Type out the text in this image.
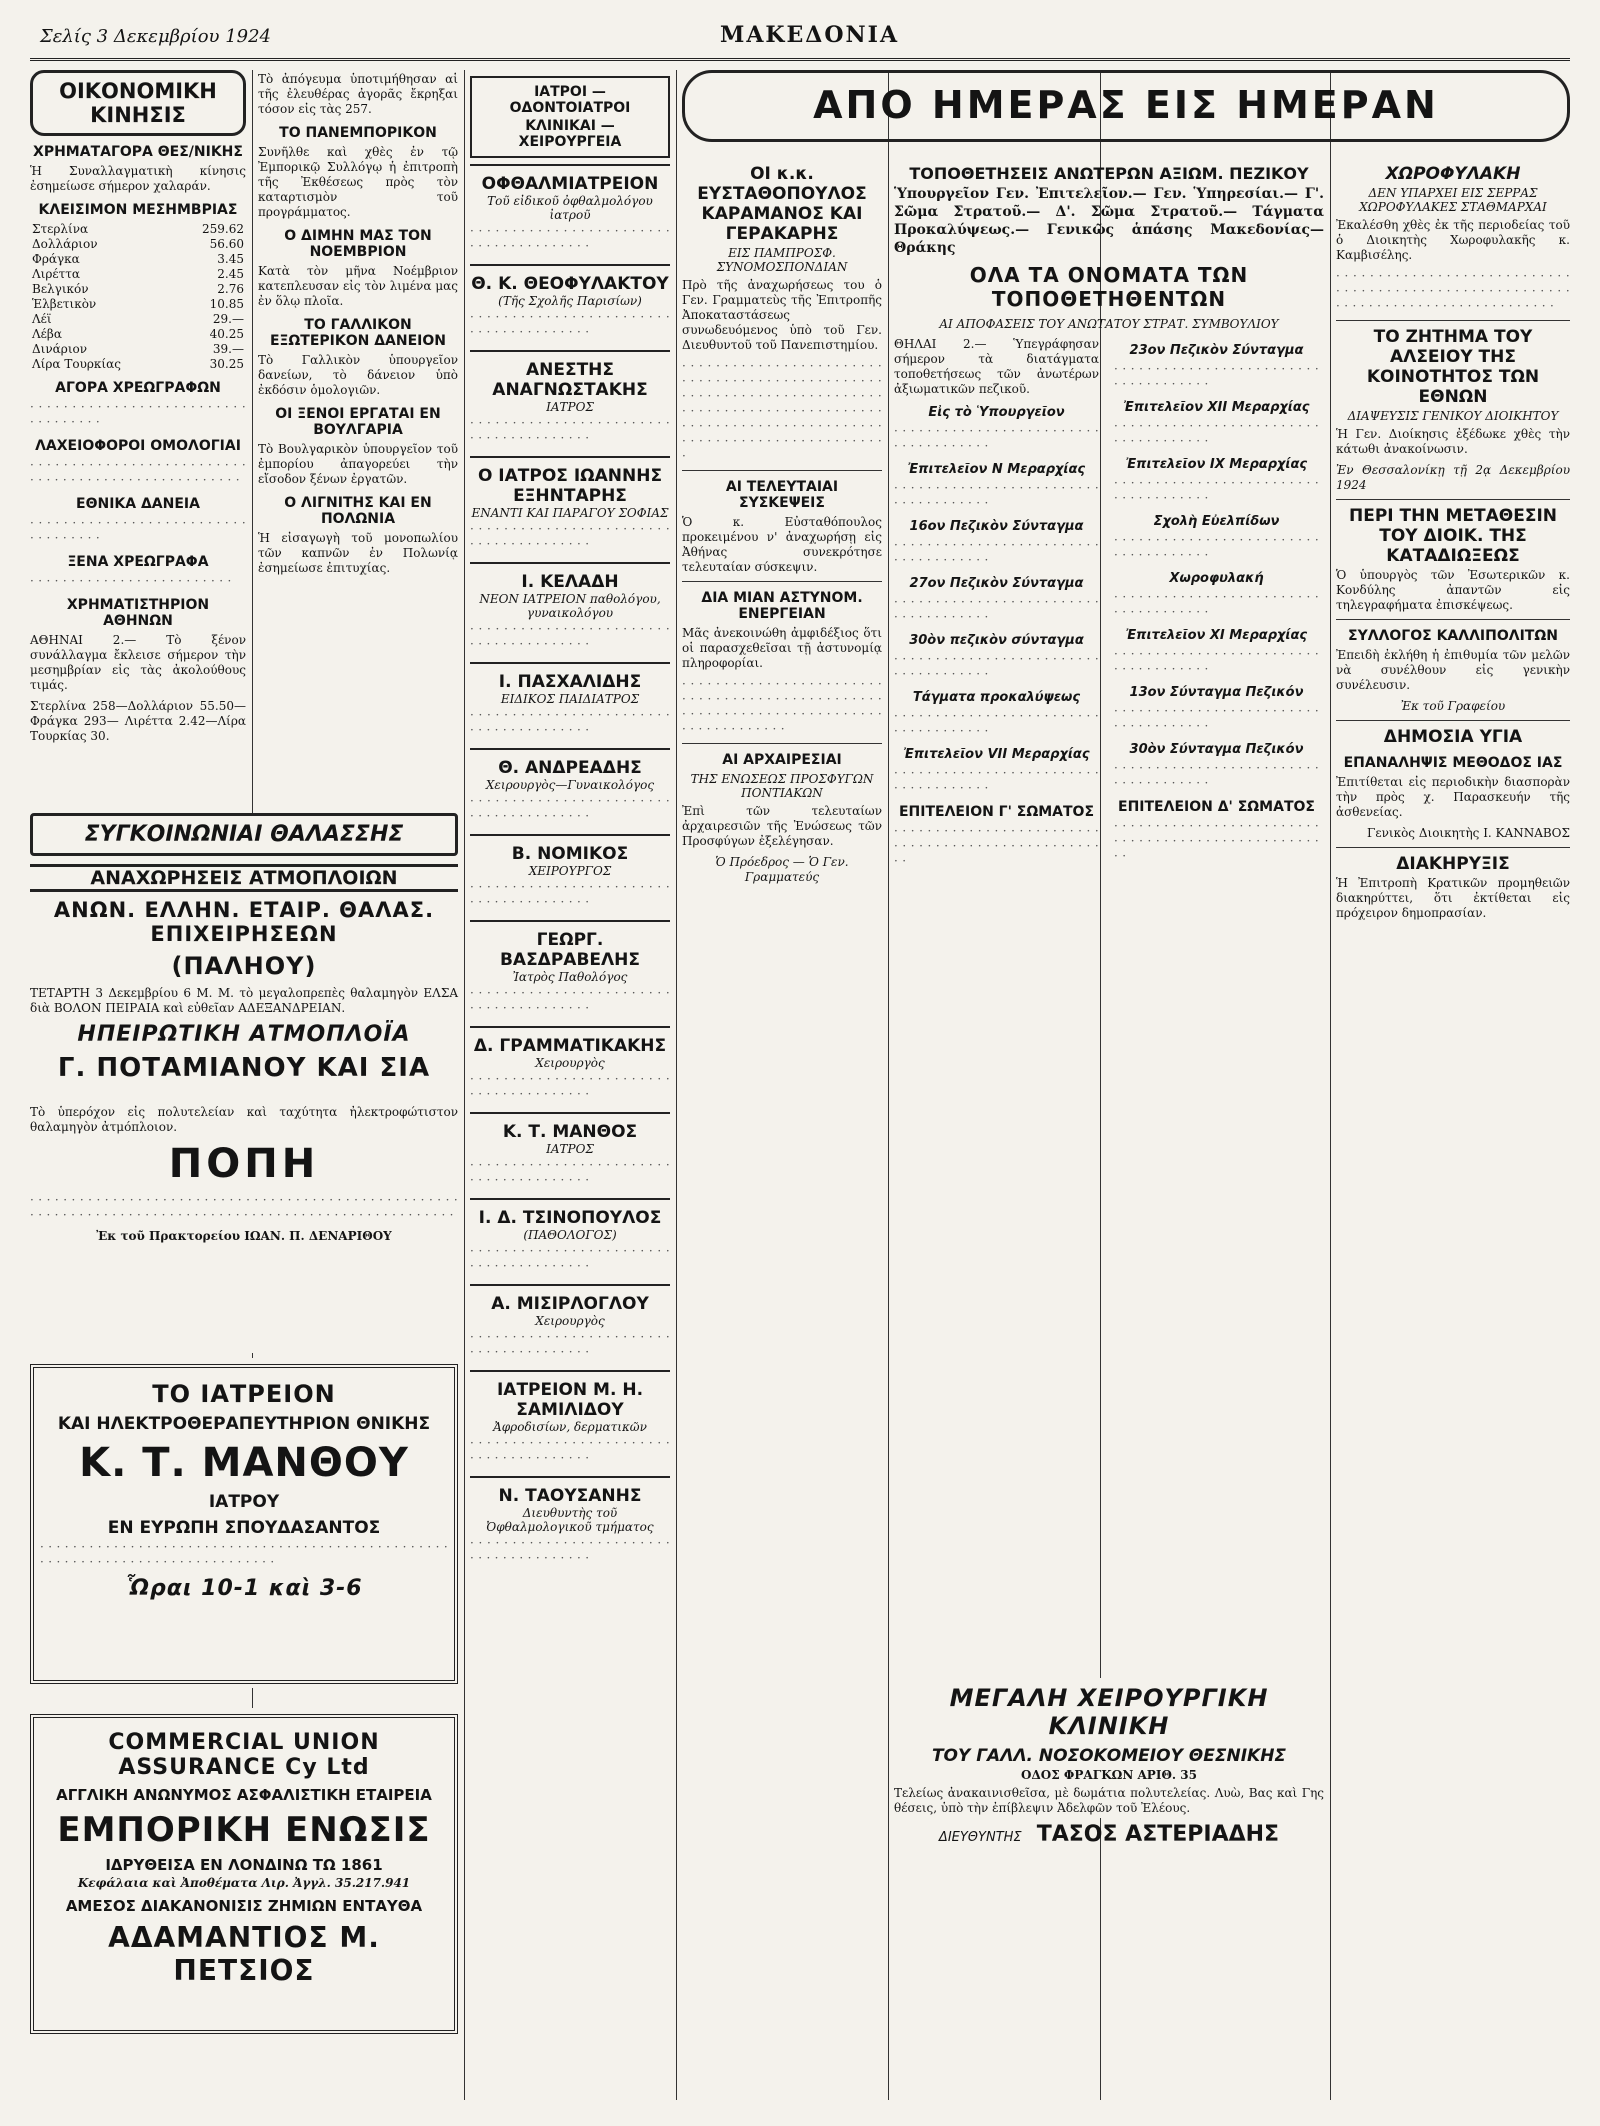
Σελίς 3 Δεκεμβρίου 1924	ΜΑΚΕΔΟΝΙΑ
ΟΙΚΟΝΟΜΙΚΗ ΚΙΝΗΣΙΣ
ΧΡΗΜΑΤΑΓΟΡΑ ΘΕΣ/ΝΙΚΗΣ
Ἡ Συναλλαγματικὴ κίνησις ἐσημείωσε σήμερον χαλαράν.
ΚΛΕΙΣΙΜΟΝ ΜΕΣΗΜΒΡΙΑΣ
Στερλίνα	259.62
Δολλάριον	56.60
Φράγκα	3.45
Λιρέττα	2.45
Βελγικόν	2.76
Ἑλβετικὸν	10.85
Λέϊ	29.—
Λέβα	40.25
Δινάριον	39.—
Λίρα Τουρκίας	30.25
ΑΓΟΡΑ ΧΡΕΩΓΡΑΦΩΝ
· · · · · · · · · · · · · · · · · · · · · · · · · · · · · · · · · · ·
ΛΑΧΕΙΟΦΟΡΟΙ ΟΜΟΛΟΓΙΑΙ
· · · · · · · · · · · · · · · · · · · · · · · · · · · · · · · · · · · · · · · · · · · · · · · · · · · ·
ΕΘΝΙΚΑ ΔΑΝΕΙΑ
· · · · · · · · · · · · · · · · · · · · · · · · · · · · · · · · · · ·
ΞΕΝΑ ΧΡΕΩΓΡΑΦΑ
· · · · · · · · · · · · · · · · · · · · · · · · ·
ΧΡΗΜΑΤΙΣΤΗΡΙΟΝ ΑΘΗΝΩΝ
ΑΘΗΝΑΙ 2.— Τὸ ξένον συνάλλαγμα ἔκλεισε σήμερον τὴν μεσημβρίαν εἰς τὰς ἀκολούθους τιμάς.
Στερλίνα 258—Δολλάριον 55.50—Φράγκα 293— Λιρέττα 2.42—Λίρα Τουρκίας 30.
Τὸ ἀπόγευμα ὑποτιμήθησαν αἱ τῆς ἐλευθέρας ἀγορᾶς ἔκρηξαι τόσον εἰς τὰς 257.
ΤΟ ΠΑΝΕΜΠΟΡΙΚΟΝ
Συνῆλθε καὶ χθὲς ἐν τῷ Ἐμπορικῷ Συλλόγῳ ἡ ἐπιτροπὴ τῆς Ἐκθέσεως πρὸς τὸν καταρτισμὸν τοῦ προγράμματος.
Ο ΔΙΜΗΝ ΜΑΣ ΤΟΝ ΝΟΕΜΒΡΙΟΝ
Κατὰ τὸν μῆνα Νοέμβριον κατεπλευσαν εἰς τὸν λιμένα μας ἐν ὅλῳ πλοῖα.
ΤΟ ΓΑΛΛΙΚΟΝ ΕΞΩΤΕΡΙΚΟΝ ΔΑΝΕΙΟΝ
Τὸ Γαλλικὸν ὑπουργεῖον δανείων, τὸ δάνειον ὑπὸ ἐκδόσιν ὁμολογιῶν.
ΟΙ ΞΕΝΟΙ ΕΡΓΑΤΑΙ ΕΝ ΒΟΥΛΓΑΡΙΑ
Τὸ Βουλγαρικὸν ὑπουργεῖον τοῦ ἐμπορίου ἀπαγορεύει τὴν εἴσοδον ξένων ἐργατῶν.
Ο ΛΙΓΝΙΤΗΣ ΚΑΙ ΕΝ ΠΟΛΩΝΙΑ
Ἡ εἰσαγωγὴ τοῦ μονοπωλίου τῶν καπνῶν ἐν Πολωνίᾳ ἐσημείωσε ἐπιτυχίας.
ΣΥΓΚΟΙΝΩΝΙΑΙ ΘΑΛΑΣΣΗΣ
ΑΝΑΧΩΡΗΣΕΙΣ ΑΤΜΟΠΛΟΙΩΝ
ΑΝΩΝ. ΕΛΛΗΝ. ΕΤΑΙΡ. ΘΑΛΑΣ. ΕΠΙΧΕΙΡΗΣΕΩΝ
(ΠΑΛΗΟΥ)
ΤΕΤΑΡΤΗ 3 Δεκεμβρίου 6 Μ. Μ. τὸ μεγαλοπρεπὲς θαλαμηγὸν ΕΛΣΑ διὰ ΒΟΛΟΝ ΠΕΙΡΑΙΑ καὶ εὐθεῖαν ΑΔΕΞΑΝΔΡΕΙΑΝ.
ΗΠΕΙΡΩΤΙΚΗ ΑΤΜΟΠΛΟΪΑ
Γ. ΠΟΤΑΜΙΑΝΟΥ ΚΑΙ ΣΙΑ
Τὸ ὑπερόχον εἰς πολυτελείαν καὶ ταχύτητα ἠλεκτροφώτιστον θαλαμηγὸν ἀτμόπλοιον.
ΠΟΠΗ
· · · · · · · · · · · · · · · · · · · · · · · · · · · · · · · · · · · · · · · · · · · · · · · · · · · · · · · · · · · · · · · · · · · · · · · · · · · · · · · · · · · · · · · · · · · · · · · · · · · · · · · ·
Ἐκ τοῦ Πρακτορείου ΙΩΑΝ. Π. ΔΕΝΑΡΙΘΟΥ
ΤΟ ΙΑΤΡΕΙΟΝ
ΚΑΙ ΗΛΕΚΤΡΟΘΕΡΑΠΕΥΤΗΡΙΟΝ ΘΝΙΚΗΣ
Κ. Τ. ΜΑΝΘΟΥ
ΙΑΤΡΟΥ
ΕΝ ΕΥΡΩΠΗ ΣΠΟΥΔΑΣΑΝΤΟΣ
· · · · · · · · · · · · · · · · · · · · · · · · · · · · · · · · · · · · · · · · · · · · · · · · · · · · · · · · · · · · · · · · · · · · · · · · · · · · · · ·
Ὧραι 10-1 καὶ 3-6
COMMERCIAL UNION ASSURANCE Cy Ltd
ΑΓΓΛΙΚΗ ΑΝΩΝΥΜΟΣ ΑΣΦΑΛΙΣΤΙΚΗ ΕΤΑΙΡΕΙΑ
ΕΜΠΟΡΙΚΗ ΕΝΩΣΙΣ
ΙΔΡΥΘΕΙΣΑ ΕΝ ΛΟΝΔΙΝΩ ΤΩ 1861
Κεφάλαια καὶ Ἀποθέματα Λιρ. Ἀγγλ. 35.217.941
ΑΜΕΣΟΣ ΔΙΑΚΑΝΟΝΙΣΙΣ ΖΗΜΙΩΝ ΕΝΤΑΥΘΑ
ΑΔΑΜΑΝΤΙΟΣ Μ. ΠΕΤΣΙΟΣ
ΙΑΤΡΟΙ — ΟΔΟΝΤΟΙΑΤΡΟΙ
ΚΛΙΝΙΚΑΙ — ΧΕΙΡΟΥΡΓΕΙΑ
ΟΦΘΑΛΜΙΑΤΡΕΙΟΝ
Τοῦ εἰδικοῦ ὀφθαλμολόγου ἰατροῦ
· · · · · · · · · · · · · · · · · · · · · · · · · · · · · · · · · · · · · · ·
Θ. Κ. ΘΕΟΦΥΛΑΚΤΟΥ
(Τῆς Σχολῆς Παρισίων)
· · · · · · · · · · · · · · · · · · · · · · · · · · · · · · · · · · · · · · ·
ΑΝΕΣΤΗΣ ΑΝΑΓΝΩΣΤΑΚΗΣ
ΙΑΤΡΟΣ
· · · · · · · · · · · · · · · · · · · · · · · · · · · · · · · · · · · · · · ·
Ο ΙΑΤΡΟΣ ΙΩΑΝΝΗΣ ΕΞΗΝΤΑΡΗΣ
ΕΝΑΝΤΙ ΚΑΙ ΠΑΡΑΓΟΥ ΣΟΦΙΑΣ
· · · · · · · · · · · · · · · · · · · · · · · · · · · · · · · · · · · · · · ·
Ι. ΚΕΛΑΔΗ
ΝΕΟΝ ΙΑΤΡΕΙΟΝ παθολόγου, γυναικολόγου
· · · · · · · · · · · · · · · · · · · · · · · · · · · · · · · · · · · · · · ·
Ι. ΠΑΣΧΑΛΙΔΗΣ
ΕΙΔΙΚΟΣ ΠΑΙΔΙΑΤΡΟΣ
· · · · · · · · · · · · · · · · · · · · · · · · · · · · · · · · · · · · · · ·
Θ. ΑΝΔΡΕΑΔΗΣ
Χειρουργὸς—Γυναικολόγος
· · · · · · · · · · · · · · · · · · · · · · · · · · · · · · · · · · · · · · ·
Β. ΝΟΜΙΚΟΣ
ΧΕΙΡΟΥΡΓΟΣ
· · · · · · · · · · · · · · · · · · · · · · · · · · · · · · · · · · · · · · ·
ΓΕΩΡΓ. ΒΑΣΔΡΑΒΕΛΗΣ
Ἰατρὸς Παθολόγος
· · · · · · · · · · · · · · · · · · · · · · · · · · · · · · · · · · · · · · ·
Δ. ΓΡΑΜΜΑΤΙΚΑΚΗΣ
Χειρουργὸς
· · · · · · · · · · · · · · · · · · · · · · · · · · · · · · · · · · · · · · ·
Κ. Τ. ΜΑΝΘΟΣ
ΙΑΤΡΟΣ
· · · · · · · · · · · · · · · · · · · · · · · · · · · · · · · · · · · · · · ·
Ι. Δ. ΤΣΙΝΟΠΟΥΛΟΣ
(ΠΑΘΟΛΟΓΟΣ)
· · · · · · · · · · · · · · · · · · · · · · · · · · · · · · · · · · · · · · ·
Α. ΜΙΣΙΡΛΟΓΛΟΥ
Χειρουργὸς
· · · · · · · · · · · · · · · · · · · · · · · · · · · · · · · · · · · · · · ·
ΙΑΤΡΕΙΟΝ Μ. Η. ΣΑΜΙΛΙΔΟΥ
Ἀφροδισίων, δερματικῶν
· · · · · · · · · · · · · · · · · · · · · · · · · · · · · · · · · · · · · · ·
Ν. ΤΑΟΥΣΑΝΗΣ
Διευθυντὴς τοῦ Ὀφθαλμολογικοῦ τμήματος
· · · · · · · · · · · · · · · · · · · · · · · · · · · · · · · · · · · · · · ·
ΑΠΟ ΗΜΕΡΑΣ ΕΙΣ ΗΜΕΡΑΝ
ΟΙ κ.κ. ΕΥΣΤΑΘΟΠΟΥΛΟΣ ΚΑΡΑΜΑΝΟΣ ΚΑΙ ΓΕΡΑΚΑΡΗΣ
ΕΙΣ ΠΑΜΠΡΟΣΦ. ΣΥΝΟΜΟΣΠΟΝΔΙΑΝ
Πρὸ τῆς ἀναχωρήσεως του ὁ Γεν. Γραμματεὺς τῆς Ἐπιτροπῆς Ἀποκαταστάσεως συνωδευόμενος ὑπὸ τοῦ Γεν. Διευθυντοῦ τοῦ Πανεπιστημίου.
· · · · · · · · · · · · · · · · · · · · · · · · · · · · · · · · · · · · · · · · · · · · · · · · · · · · · · · · · · · · · · · · · · · · · · · · · · · · · · · · · · · · · · · · · · · · · · · · · · · · · · · · · · · · · · · · · · · · · · · · · · · · · · · · · · · · · · · · · · · · · · · · ·
ΑΙ ΤΕΛΕΥΤΑΙΑΙ ΣΥΣΚΕΨΕΙΣ
Ὁ κ. Εὐσταθόπουλος προκειμένου ν' ἀναχωρήσῃ εἰς Ἀθήνας συνεκρότησε τελευταίαν σύσκεψιν.
ΔΙΑ ΜΙΑΝ ΑΣΤΥΝΟΜ. ΕΝΕΡΓΕΙΑΝ
Μᾶς ἀνεκοινώθη ἀμφιδέξιος ὅτι οἱ παρασχεθεῖσαι τῇ ἀστυνομίᾳ πληροφορίαι.
· · · · · · · · · · · · · · · · · · · · · · · · · · · · · · · · · · · · · · · · · · · · · · · · · · · · · · · · · · · · · · · · · · · · · · · · · · · · · · · · · · · · ·
ΑΙ ΑΡΧΑΙΡΕΣΙΑΙ
ΤΗΣ ΕΝΩΣΕΩΣ ΠΡΟΣΦΥΓΩΝ ΠΟΝΤΙΑΚΩΝ
Ἐπὶ τῶν τελευταίων ἀρχαιρεσιῶν τῆς Ἐνώσεως τῶν Προσφύγων ἐξελέγησαν.
Ὁ Πρόεδρος — Ὁ Γεν. Γραμματεύς
ΤΟΠΟΘΕΤΗΣΕΙΣ ΑΝΩΤΕΡΩΝ ΑΞΙΩΜ. ΠΕΖΙΚΟΥ
Ὑπουργεῖον Γεν. Ἐπιτελεῖον.— Γεν. Ὑπηρεσίαι.— Γ'. Σῶμα Στρατοῦ.— Δ'. Σῶμα Στρατοῦ.— Τάγματα Προκαλύψεως.— Γενικῶς ἁπάσης Μακεδονίας—Θράκης
ΟΛΑ ΤΑ ΟΝΟΜΑΤΑ ΤΩΝ ΤΟΠΟΘΕΤΗΘΕΝΤΩΝ
ΑΙ ΑΠΟΦΑΣΕΙΣ ΤΟΥ ΑΝΩΤΑΤΟΥ ΣΤΡΑΤ. ΣΥΜΒΟΥΛΙΟΥ
ΘΗΛΑΙ 2.— Ὑπεγράφησαν σήμερον τὰ διατάγματα τοποθετήσεως τῶν ἀνωτέρων ἀξιωματικῶν πεζικοῦ.
Εἰς τὸ Ὑπουργεῖον
· · · · · · · · · · · · · · · · · · · · · · · · · · · · · · · · · · · · ·
Ἐπιτελεῖον Ν Μεραρχίας
· · · · · · · · · · · · · · · · · · · · · · · · · · · · · · · · · · · · ·
16ον Πεζικὸν Σύνταγμα
· · · · · · · · · · · · · · · · · · · · · · · · · · · · · · · · · · · · ·
27ον Πεζικὸν Σύνταγμα
· · · · · · · · · · · · · · · · · · · · · · · · · · · · · · · · · · · · ·
30ὸν πεζικὸν σύνταγμα
· · · · · · · · · · · · · · · · · · · · · · · · · · · · · · · · · · · · ·
Τάγματα προκαλύψεως
· · · · · · · · · · · · · · · · · · · · · · · · · · · · · · · · · · · · ·
Ἐπιτελεῖον VII Μεραρχίας
· · · · · · · · · · · · · · · · · · · · · · · · · · · · · · · · · · · · ·
ΕΠΙΤΕΛΕΙΟΝ Γ' ΣΩΜΑΤΟΣ
· · · · · · · · · · · · · · · · · · · · · · · · · · · · · · · · · · · · · · · · · · · · · · · · · · · ·
23ον Πεζικὸν Σύνταγμα
· · · · · · · · · · · · · · · · · · · · · · · · · · · · · · · · · · · · ·
Ἐπιτελεῖον ΧΙΙ Μεραρχίας
· · · · · · · · · · · · · · · · · · · · · · · · · · · · · · · · · · · · ·
Ἐπιτελεῖον ΙΧ Μεραρχίας
· · · · · · · · · · · · · · · · · · · · · · · · · · · · · · · · · · · · ·
Σχολὴ Εὐελπίδων
· · · · · · · · · · · · · · · · · · · · · · · · · · · · · · · · · · · · ·
Χωροφυλακή
· · · · · · · · · · · · · · · · · · · · · · · · · · · · · · · · · · · · ·
Ἐπιτελεῖον ΧΙ Μεραρχίας
· · · · · · · · · · · · · · · · · · · · · · · · · · · · · · · · · · · · ·
13ον Σύνταγμα Πεζικόν
· · · · · · · · · · · · · · · · · · · · · · · · · · · · · · · · · · · · ·
30ὸν Σύνταγμα Πεζικόν
· · · · · · · · · · · · · · · · · · · · · · · · · · · · · · · · · · · · ·
ΕΠΙΤΕΛΕΙΟΝ Δ' ΣΩΜΑΤΟΣ
· · · · · · · · · · · · · · · · · · · · · · · · · · · · · · · · · · · · · · · · · · · · · · · · · · · ·
ΜΕΓΑΛΗ ΧΕΙΡΟΥΡΓΙΚΗ ΚΛΙΝΙΚΗ
ΤΟΥ ΓΑΛΛ. ΝΟΣΟΚΟΜΕΙΟΥ ΘΕΣΝΙΚΗΣ
ΟΔΟΣ ΦΡΑΓΚΩΝ ΑΡΙΘ. 35
Τελείως ἀνακαινισθεῖσα, μὲ δωμάτια πολυτελείας. Λυὼ, Βας καὶ Γης θέσεις, ὑπὸ τὴν ἐπίβλεψιν Ἀδελφῶν τοῦ Ἐλέους.
ΔΙΕΥΘΥΝΤΗΣ ΤΑΣΟΣ ΑΣΤΕΡΙΑΔΗΣ
ΧΩΡΟΦΥΛΑΚΗ
ΔΕΝ ΥΠΑΡΧΕΙ ΕΙΣ ΣΕΡΡΑΣ ΧΩΡΟΦΥΛΑΚΕΣ ΣΤΑΘΜΑΡΧΑΙ
Ἐκαλέσθη χθὲς ἐκ τῆς περιοδείας τοῦ ὁ Διοικητὴς Χωροφυλακῆς κ. Καμβισέλης.
· · · · · · · · · · · · · · · · · · · · · · · · · · · · · · · · · · · · · · · · · · · · · · · · · · · · · · · · · · · · · · · · · · · · · · · · · · · · · · · · · · ·
ΤΟ ΖΗΤΗΜΑ ΤΟΥ ΑΛΣΕΙΟΥ ΤΗΣ ΚΟΙΝΟΤΗΤΟΣ ΤΩΝ ΕΘΝΩΝ
ΔΙΑΨΕΥΣΙΣ ΓΕΝΙΚΟΥ ΔΙΟΙΚΗΤΟΥ
Ἡ Γεν. Διοίκησις ἐξέδωκε χθὲς τὴν κάτωθι ἀνακοίνωσιν.
Ἐν Θεσσαλονίκῃ τῇ 2ᾳ Δεκεμβρίου 1924
ΠΕΡΙ ΤΗΝ ΜΕΤΑΘΕΣΙΝ ΤΟΥ ΔΙΟΙΚ. ΤΗΣ ΚΑΤΑΔΙΩΞΕΩΣ
Ὁ ὑπουργὸς τῶν Ἐσωτερικῶν κ. Κονδύλης ἀπαντῶν εἰς τηλεγραφήματα ἐπισκέψεως.
ΣΥΛΛΟΓΟΣ ΚΑΛΛΙΠΟΛΙΤΩΝ
Ἐπειδὴ ἐκλήθη ἡ ἐπιθυμία τῶν μελῶν νὰ συνέλθουν εἰς γενικὴν συνέλευσιν.
Ἐκ τοῦ Γραφείου
ΔΗΜΟΣΙΑ ΥΓΙΑ
ΕΠΑΝΑΛΗΨΙΣ ΜΕΘΟΔΟΣ ΙΑΣ
Ἐπιτίθεται εἰς περιοδικὴν διασπορὰν τὴν πρὸς χ. Παρασκευήν τῆς ἀσθενείας.
Γενικὸς Διοικητὴς Ι. ΚΑΝΝΑΒΟΣ
ΔΙΑΚΗΡΥΞΙΣ
Ἡ Ἐπιτροπὴ Κρατικῶν προμηθειῶν διακηρύττει, ὅτι ἐκτίθεται εἰς πρόχειρον δημοπρασίαν.
